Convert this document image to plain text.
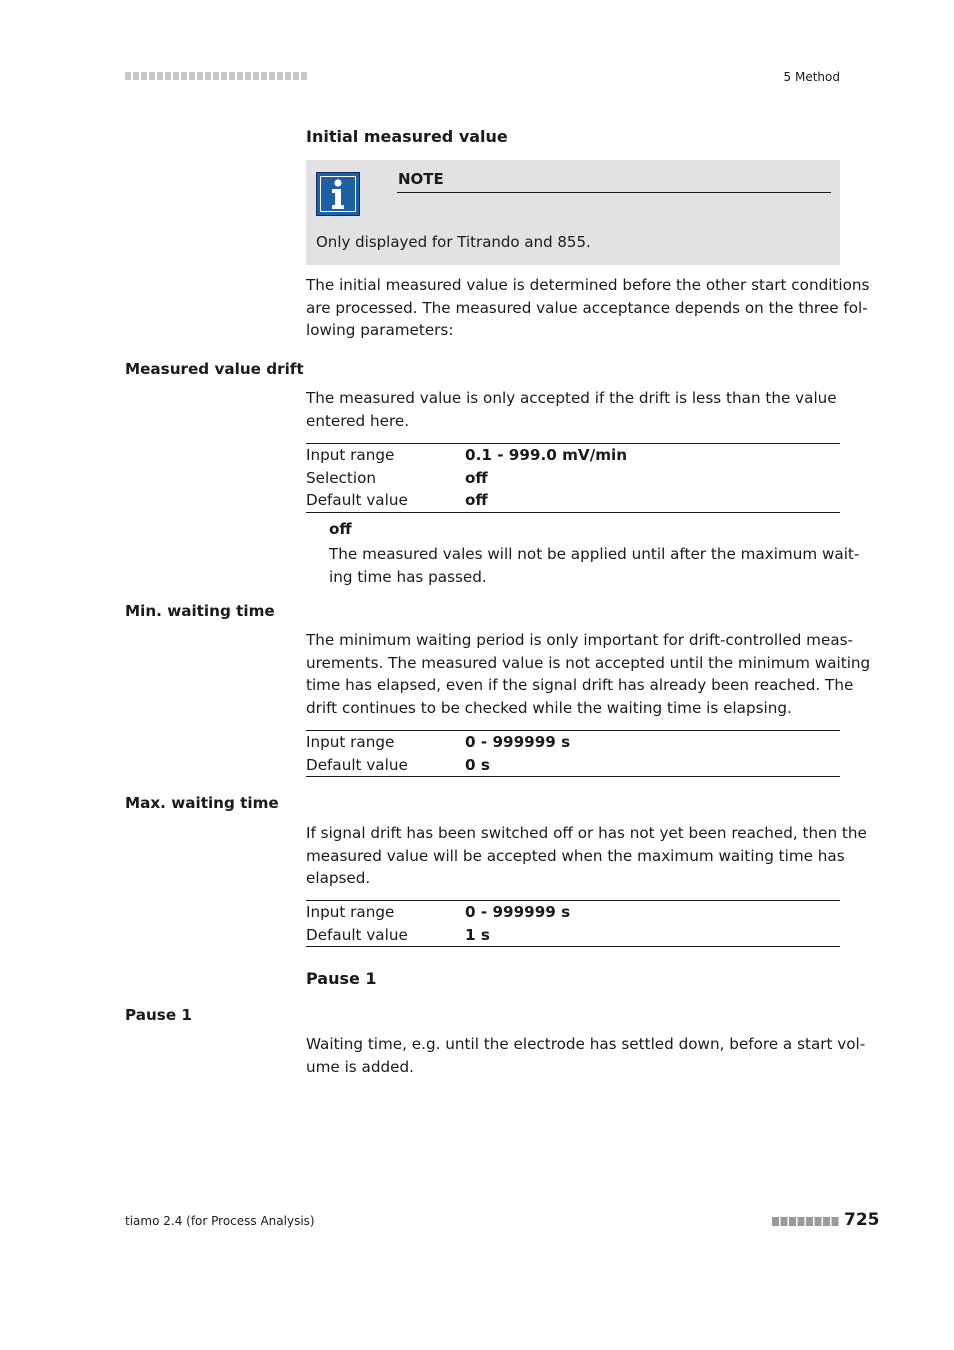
5 Method
Initial measured value
NOTE
Only displayed for Titrando and 855.
The initial measured value is determined before the other start conditions
are processed. The measured value acceptance depends on the three fol-
lowing parameters:
Measured value drift
The measured value is only accepted if the drift is less than the value
entered here.
Input range	0.1 - 999.0 mV/min
Selection	off
Default value	off
off
The measured vales will not be applied until after the maximum wait-
ing time has passed.
Min. waiting time
The minimum waiting period is only important for drift-controlled meas-
urements. The measured value is not accepted until the minimum waiting
time has elapsed, even if the signal drift has already been reached. The
drift continues to be checked while the waiting time is elapsing.
Input range	0 - 999999 s
Default value	0 s
Max. waiting time
If signal drift has been switched off or has not yet been reached, then the
measured value will be accepted when the maximum waiting time has
elapsed.
Input range	0 - 999999 s
Default value	1 s
Pause 1
Pause 1
Waiting time, e.g. until the electrode has settled down, before a start vol-
ume is added.
tiamo 2.4 (for Process Analysis)	725
